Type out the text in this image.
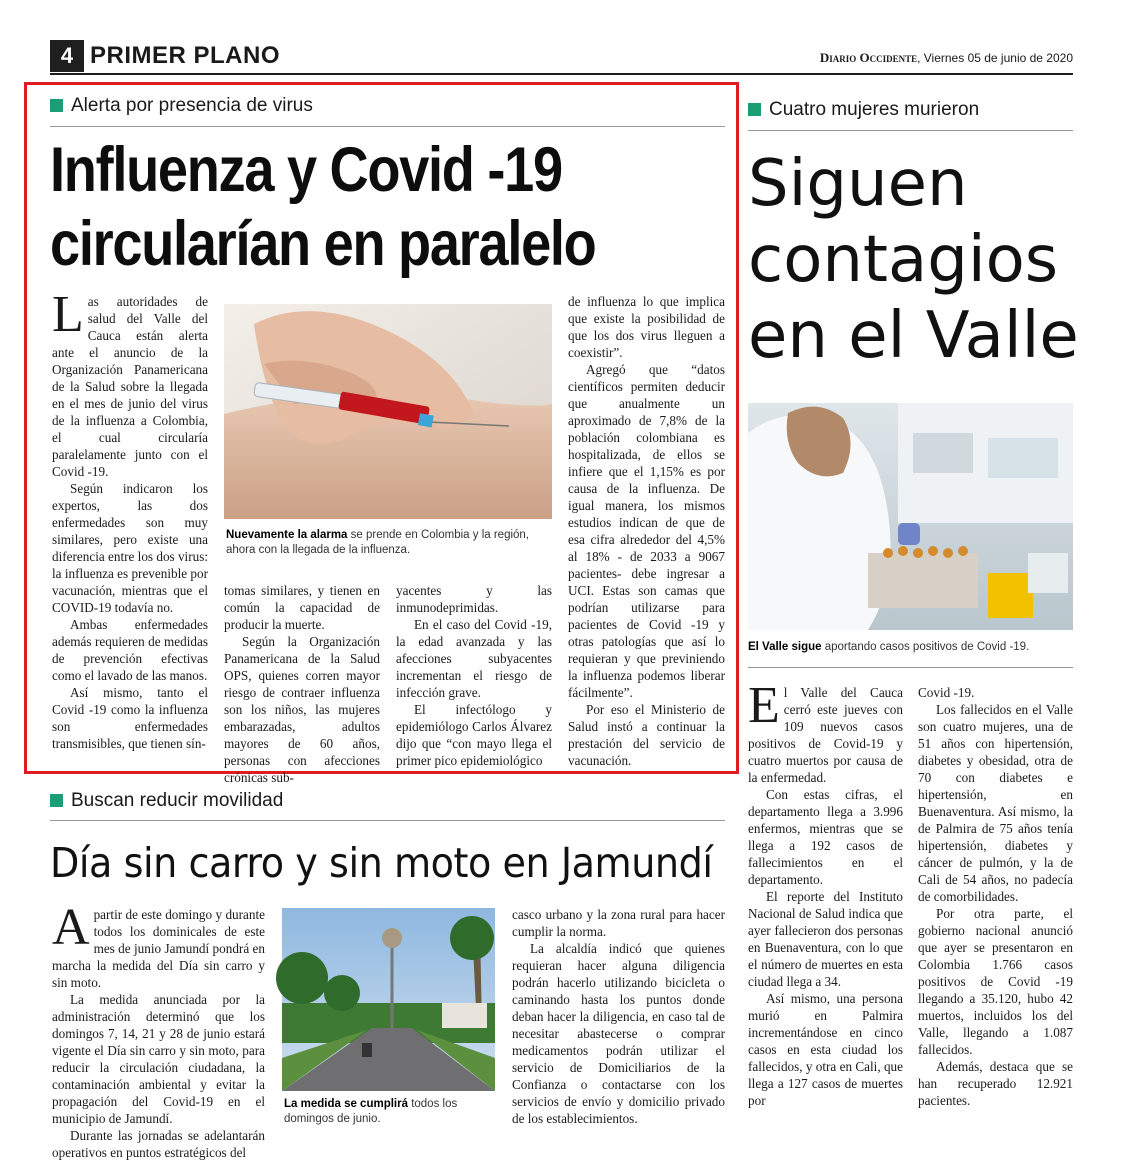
4 PRIMER PLANO	Diario Occidente, Viernes 05 de junio de 2020
Alerta por presencia de virus
Influenza y Covid -19
circularían en paralelo

Las autoridades de salud del Valle del Cauca están alerta ante el anuncio de la Organización Panamericana de la Salud sobre la llegada en el mes de junio del virus de la influenza a Colombia, el cual circularía paralelamente junto con el Covid -19.

Según indicaron los expertos, las dos enfermedades son muy similares, pero existe una diferencia entre los dos virus: la influenza es prevenible por vacunación, mientras que el COVID-19 todavía no.

Ambas enfermedades además requieren de medidas de prevención efectivas como el lavado de las manos.

Así mismo, tanto el Covid -19 como la influenza son enfermedades transmisibles, que tienen sín-

Nuevamente la alarma se prende en Colombia y la región, ahora con la llegada de la influenza.

tomas similares, y tienen en común la capacidad de producir la muerte.

Según la Organización Panamericana de la Salud OPS, quienes corren mayor riesgo de contraer influenza son los niños, las mujeres embarazadas, adultos mayores de 60 años, personas con afecciones crónicas sub-

yacentes y las inmunodeprimidas.

En el caso del Covid -19, la edad avanzada y las afecciones subyacentes incrementan el riesgo de infección grave.

El infectólogo y epidemiólogo Carlos Álvarez dijo que “con mayo llega el primer pico epidemiológico

de influenza lo que implica que existe la posibilidad de que los dos virus lleguen a coexistir”.

Agregó que “datos científicos permiten deducir que anualmente un aproximado de 7,8% de la población colombiana es hospitalizada, de ellos se infiere que el 1,15% es por causa de la influenza. De igual manera, los mismos estudios indican de que de esa cifra alrededor del 4,5% al 18% - de 2033 a 9067 pacientes- debe ingresar a UCI. Estas son camas que podrían utilizarse para pacientes de Covid -19 y otras patologías que así lo requieran y que previniendo la influenza podemos liberar fácilmente”.

Por eso el Ministerio de Salud instó a continuar la prestación del servicio de vacunación.

Cuatro mujeres murieron
Siguen
contagios
en el Valle
El Valle sigue aportando casos positivos de Covid -19.

El Valle del Cauca cerró este jueves con 109 nuevos casos positivos de Covid-19 y cuatro muertos por causa de la enfermedad.

Con estas cifras, el departamento llega a 3.996 enfermos, mientras que se llega a 192 casos de fallecimientos en el departamento.

El reporte del Instituto Nacional de Salud indica que ayer fallecieron dos personas en Buenaventura, con lo que el número de muertes en esta ciudad llega a 34.

Así mismo, una persona murió en Palmira incrementándose en cinco casos en esta ciudad los fallecidos, y otra en Cali, que llega a 127 casos de muertes por

Covid -19.

Los fallecidos en el Valle son cuatro mujeres, una de 51 años con hipertensión, diabetes y obesidad, otra de 70 con diabetes e hipertensión, en Buenaventura. Así mismo, la de Palmira de 75 años tenía hipertensión, diabetes y cáncer de pulmón, y la de Cali de 54 años, no padecía de comorbilidades.

Por otra parte, el gobierno nacional anunció que ayer se presentaron en Colombia 1.766 casos positivos de Covid -19 llegando a 35.120, hubo 42 muertos, incluidos los del Valle, llegando a 1.087 fallecidos.

Además, destaca que se han recuperado 12.921 pacientes.

Buscan reducir movilidad
Día sin carro y sin moto en Jamundí

Apartir de este domingo y durante todos los dominicales de este mes de junio Jamundí pondrá en marcha la medida del Día sin carro y sin moto.

La medida anunciada por la administración determinó que los domingos 7, 14, 21 y 28 de junio estará vigente el Día sin carro y sin moto, para reducir la circulación ciudadana, la contaminación ambiental y evitar la propagación del Covid-19 en el municipio de Jamundí.

Durante las jornadas se adelantarán operativos en puntos estratégicos del

La medida se cumplirá todos los domingos de junio.

casco urbano y la zona rural para hacer cumplir la norma.

La alcaldía indicó que quienes requieran hacer alguna diligencia podrán hacerlo utilizando bicicleta o caminando hasta los puntos donde deban hacer la diligencia, en caso tal de necesitar abastecerse o comprar medicamentos podrán utilizar el servicio de Domiciliarios de la Confianza o contactarse con los servicios de envío y domicilio privado de los establecimientos.
